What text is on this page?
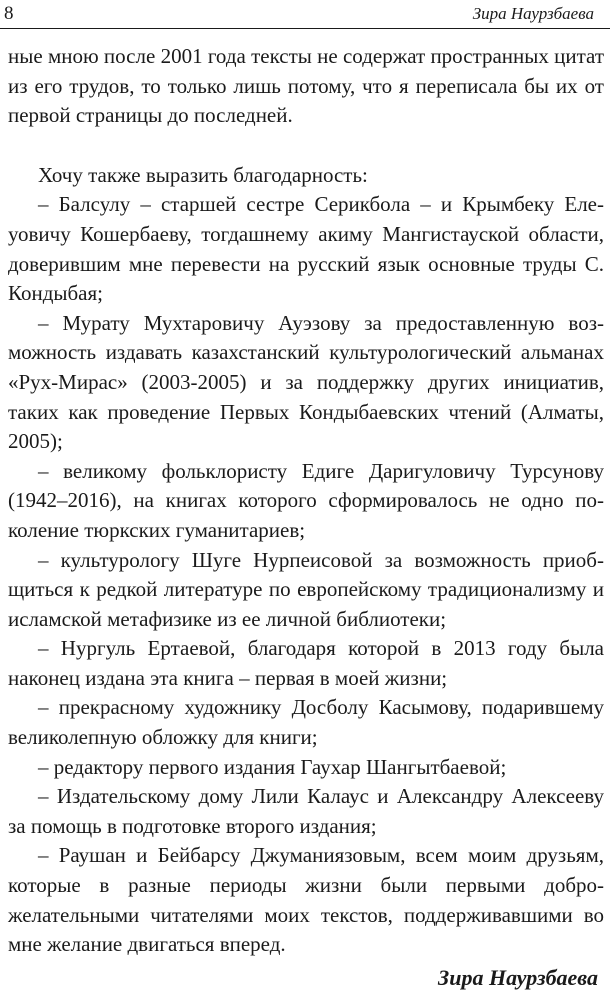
8	Зира Наурзбаева

ные мною после 2001 года тексты не содержат пространных цитат из его трудов, то только лишь потому, что я переписала бы их от первой страницы до последней.

Хочу также выразить благодарность:

– Балсулу – старшей сестре Серикбола – и Крымбеку Елеуовичу Кошербаеву, тогдашнему акиму Мангистауской области, доверившим мне перевести на русский язык основные труды С. Кондыбая;

– Мурату Мухтаровичу Ауэзову за предоставленную возможность издавать казахстанский культурологический альманах «Рух-Мирас» (2003-2005) и за поддержку других инициатив, таких как проведение Первых Кондыбаевских чтений (Алматы, 2005);

– великому фольклористу Едиге Даригуловичу Турсунову (1942–2016), на книгах которого сформировалось не одно поколение тюркских гуманитариев;

– культурологу Шуге Нурпеисовой за возможность приобщиться к редкой литературе по европейскому традиционализму и исламской метафизике из ее личной библиотеки;

– Нургуль Ертаевой, благодаря которой в 2013 году была наконец издана эта книга – первая в моей жизни;

– прекрасному художнику Досболу Касымову, подарившему великолепную обложку для книги;

– редактору первого издания Гаухар Шангытбаевой;

– Издательскому дому Лили Калаус и Александру Алексееву за помощь в подготовке второго издания;

– Раушан и Бейбарсу Джуманиязовым, всем моим друзьям, которые в разные периоды жизни были первыми доброжелательными читателями моих текстов, поддерживавшими во мне желание двигаться вперед.

Зира Наурзбаева
